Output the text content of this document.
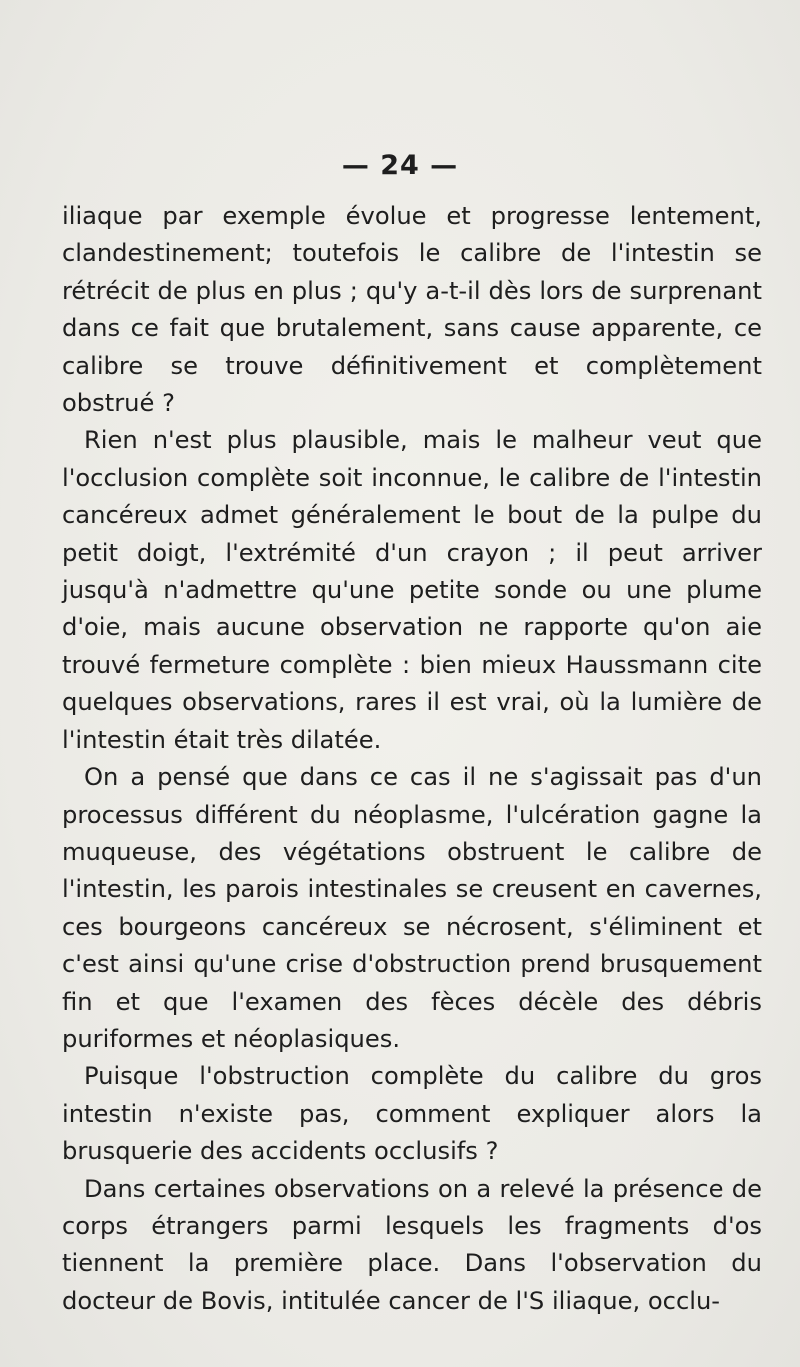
— 24 —

iliaque par exemple évolue et progresse lentement, clandestinement; toutefois le calibre de l'intestin se rétrécit de plus en plus ; qu'y a-t-il dès lors de surprenant dans ce fait que brutalement, sans cause apparente, ce calibre se trouve définitivement et complètement obstrué ?

Rien n'est plus plausible, mais le malheur veut que l'occlusion complète soit inconnue, le calibre de l'intestin cancéreux admet généralement le bout de la pulpe du petit doigt, l'extrémité d'un crayon ; il peut arriver jusqu'à n'admettre qu'une petite sonde ou une plume d'oie, mais aucune observation ne rapporte qu'on aie trouvé fermeture complète : bien mieux Haussmann cite quelques observations, rares il est vrai, où la lumière de l'intestin était très dilatée.

On a pensé que dans ce cas il ne s'agissait pas d'un processus différent du néoplasme, l'ulcération gagne la muqueuse, des végétations obstruent le calibre de l'intestin, les parois intestinales se creusent en cavernes, ces bourgeons cancéreux se nécrosent, s'éliminent et c'est ainsi qu'une crise d'obstruction prend brusquement fin et que l'examen des fèces décèle des débris puriformes et néoplasiques.

Puisque l'obstruction complète du calibre du gros intestin n'existe pas, comment expliquer alors la brusquerie des accidents occlusifs ?

Dans certaines observations on a relevé la présence de corps étrangers parmi lesquels les fragments d'os tiennent la première place. Dans l'observation du docteur de Bovis, intitulée cancer de l'S iliaque, occlu-
